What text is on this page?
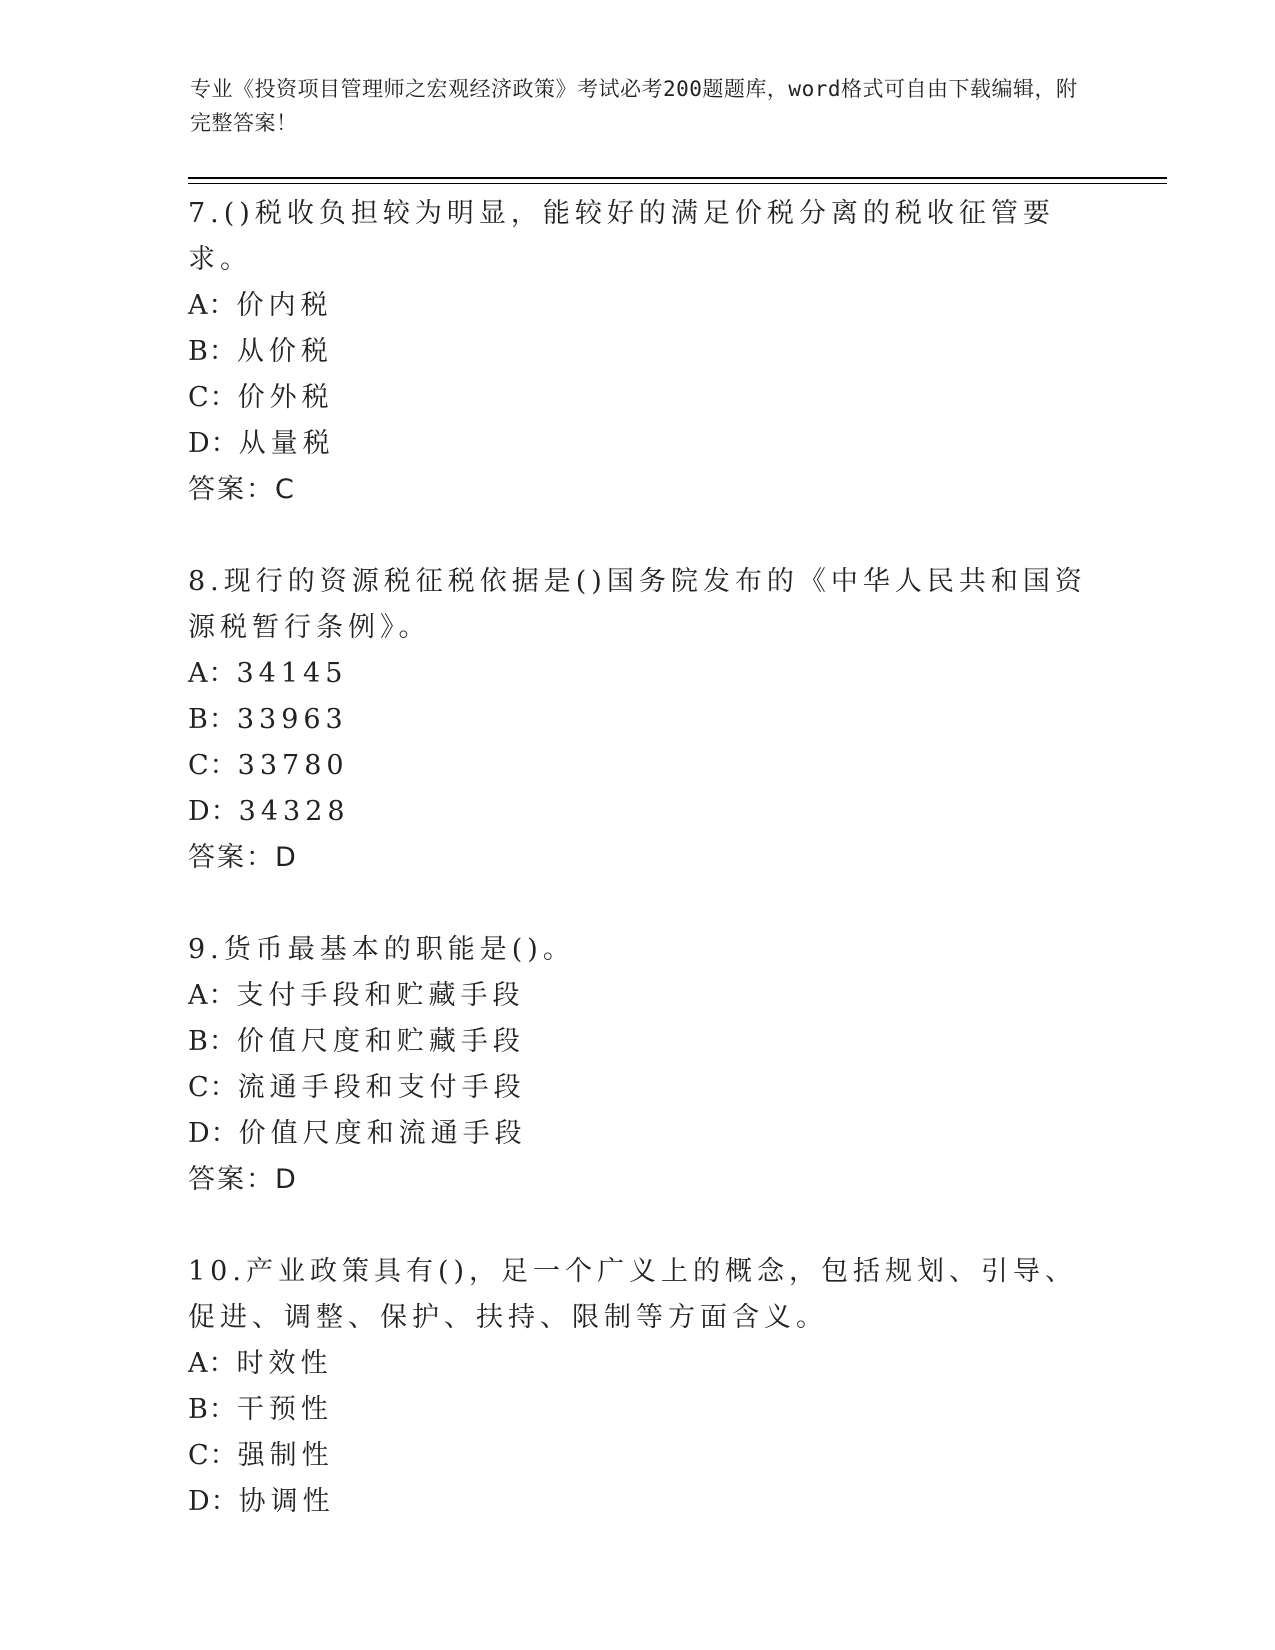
专业《投资项目管理师之宏观经济政策》考试必考200题题库，word格式可自由下载编辑，附完整答案！
7.()税收负担较为明显，能较好的满足价税分离的税收征管要求。
A：价内税
B：从价税
C：价外税
D：从量税
答案：C
8.现行的资源税征税依据是()国务院发布的《中华人民共和国资源税暂行条例》。
A：34145
B：33963
C：33780
D：34328
答案：D
9.货币最基本的职能是()。
A：支付手段和贮藏手段
B：价值尺度和贮藏手段
C：流通手段和支付手段
D：价值尺度和流通手段
答案：D
10.产业政策具有()，足一个广义上的概念，包括规划、引导、促进、调整、保护、扶持、限制等方面含义。
A：时效性
B：干预性
C：强制性
D：协调性
